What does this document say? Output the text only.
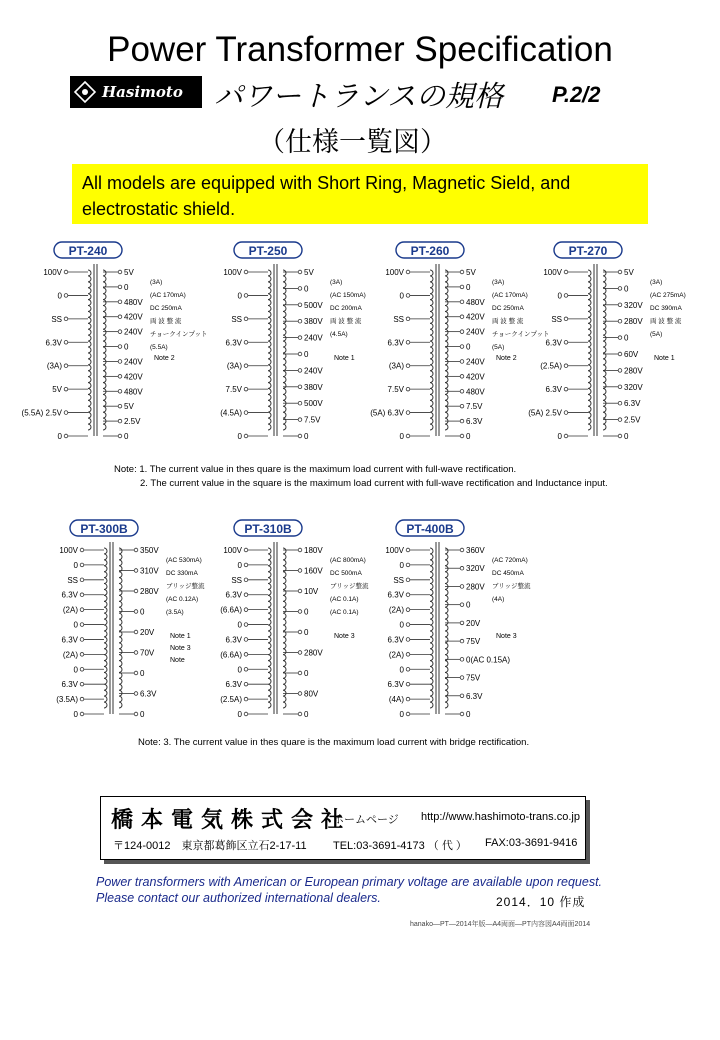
Power Transformer Specification
Hasimoto	パワートランスの規格 P.2/2
（仕様一覧図）
All models are equipped with Short Ring, Magnetic Sield, and
electrostatic shield.
PT-240
100V
0
SS
6.3V
(3A)
5V
(5.5A) 2.5V
0
5V
0
480V
420V
240V
0
240V
420V
480V
5V
2.5V
0
(3A)
(AC 170mA)
DC 250mA
両 波 整 流
チョークインプット
(5.5A)
Note 2
PT-250
100V
0
SS
6.3V
(3A)
7.5V
(4.5A)
0
5V
0
500V
380V
240V
0
240V
380V
500V
7.5V
0
(3A)
(AC 150mA)
DC 200mA
両 波 整 流
(4.5A)
Note 1
PT-260
100V
0
SS
6.3V
(3A)
7.5V
(5A) 6.3V
0
5V
0
480V
420V
240V
0
240V
420V
480V
7.5V
6.3V
0
(3A)
(AC 170mA)
DC 250mA
両 波 整 流
チョークインプット
(5A)
Note 2
PT-270
100V
0
SS
6.3V
(2.5A)
6.3V
(5A) 2.5V
0
5V
0
320V
280V
0
60V
280V
320V
6.3V
2.5V
0
(3A)
(AC 275mA)
DC 390mA
両 波 整 流
(5A)
Note 1
PT-300B
100V
0
SS
6.3V
(2A)
0
6.3V
(2A)
0
6.3V
(3.5A)
0
350V
310V
280V
0
20V
70V
0
6.3V
0
(AC 530mA)
DC 330mA
ブリッジ整流
(AC 0.12A)
(3.5A)
Note 1
Note 3
Note
PT-310B
100V
0
SS
6.3V
(6.6A)
0
6.3V
(6.6A)
0
6.3V
(2.5A)
0
180V
160V
10V
0
0
280V
0
80V
0
(AC 800mA)
DC 500mA
ブリッジ整流
(AC 0.1A)
(AC 0.1A)
Note 3
PT-400B
100V
0
SS
6.3V
(2A)
0
6.3V
(2A)
0
6.3V
(4A)
0
360V
320V
280V
0
20V
75V
0(AC 0.15A)
75V
6.3V
0
(AC 720mA)
DC 450mA
ブリッジ整流
(4A)
Note 3
Note: 1. The current value in thes quare is the maximum load current with full-wave rectification.
2. The current value in the square is the maximum load current with full-wave rectification and Inductance input.
Note: 3. The current value in thes quare is the maximum load current with bridge rectification.
橋本電気株式会社
ホームページ http://www.hashimoto-trans.co.jp
〒124-0012　東京都葛飾区立石2-17-11 TEL:03-3691-4173 （ 代 ） FAX:03-3691-9416
Power transformers with American or European primary voltage are available upon request.
Please contact our authorized international dealers.	2014．10 作成
hanako—PT—2014年版—A4両面—PT内容図A4両面2014
